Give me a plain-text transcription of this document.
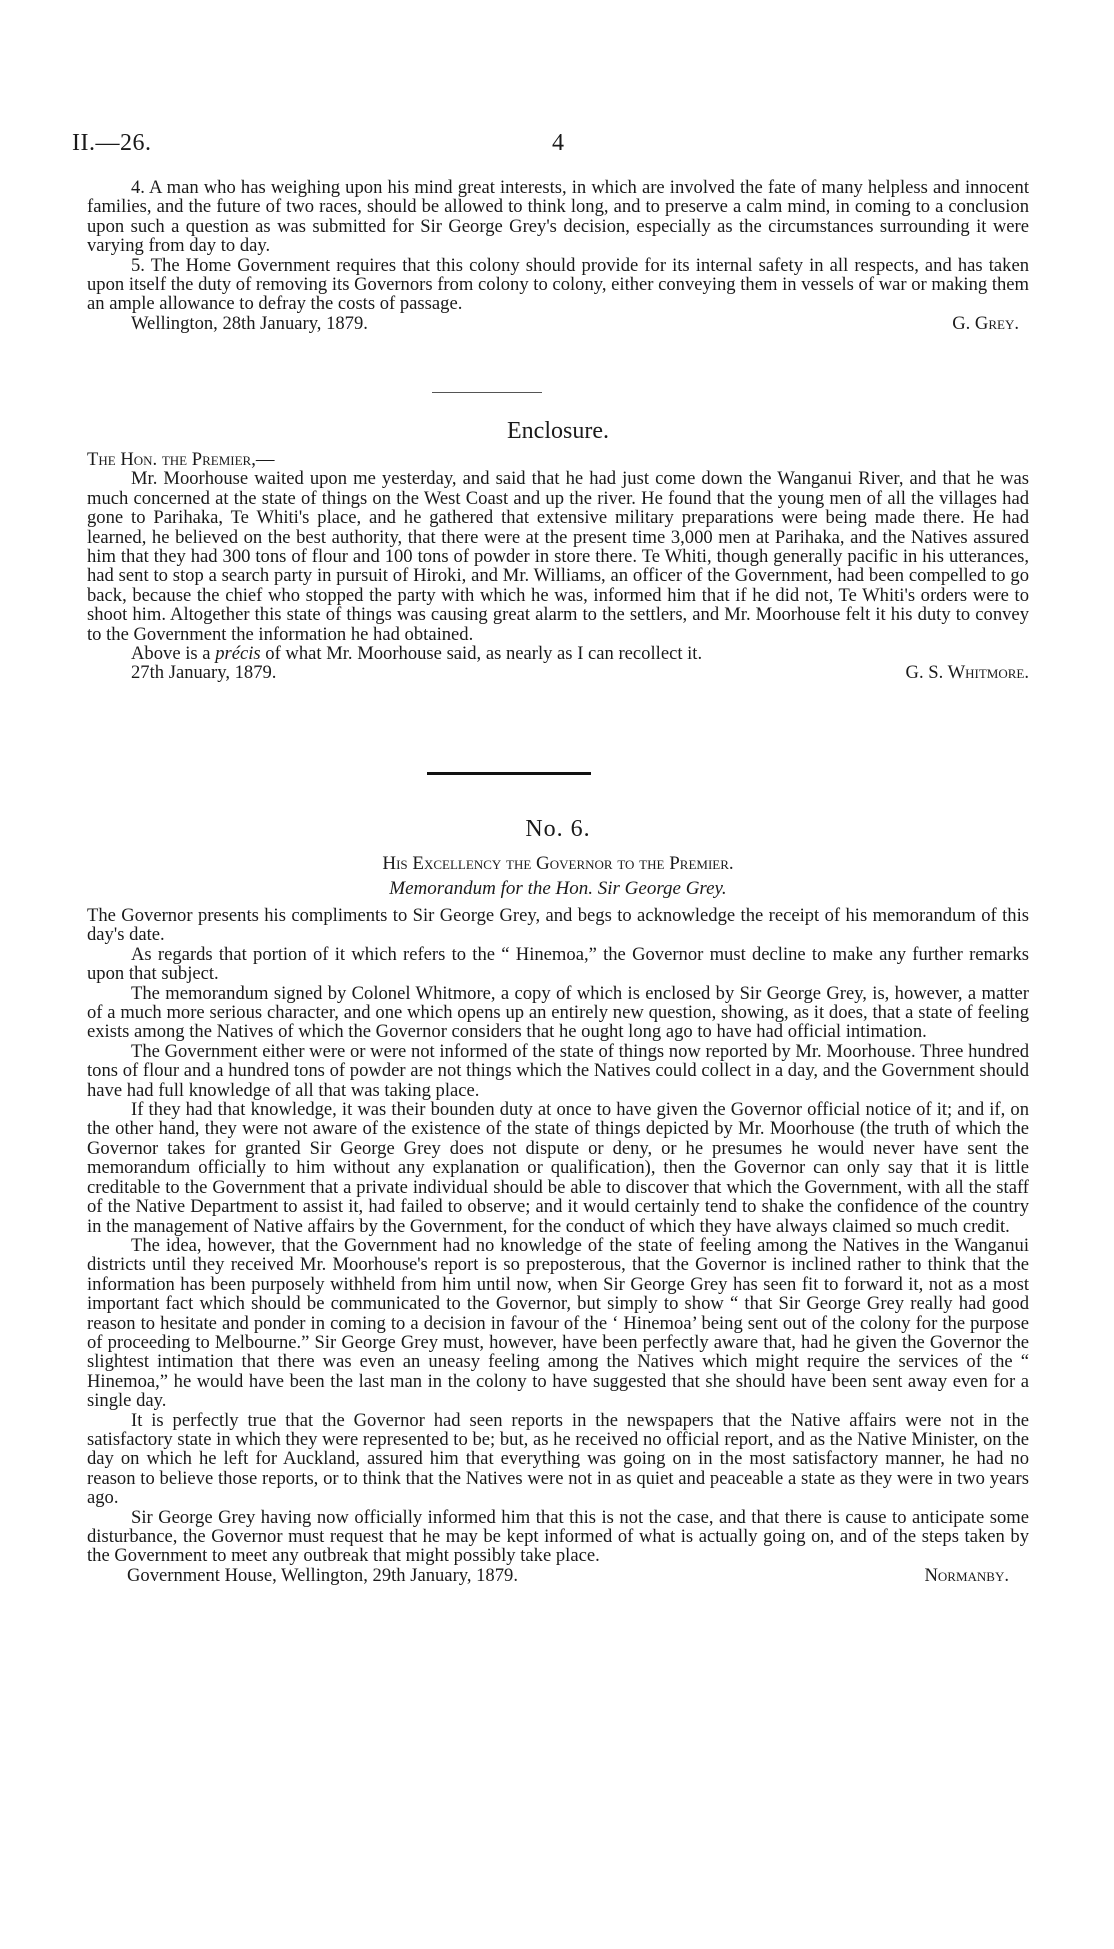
II.—26.	4

4. A man who has weighing upon his mind great interests, in which are involved the fate of many helpless and innocent families, and the future of two races, should be allowed to think long, and to preserve a calm mind, in coming to a conclusion upon such a question as was submitted for Sir George Grey's decision, especially as the circumstances surrounding it were varying from day to day.

5. The Home Government requires that this colony should provide for its internal safety in all respects, and has taken upon itself the duty of removing its Governors from colony to colony, either conveying them in vessels of war or making them an ample allowance to defray the costs of passage.

Wellington, 28th January, 1879.	G. Grey.
Enclosure.

The Hon. the Premier,—

Mr. Moorhouse waited upon me yesterday, and said that he had just come down the Wanganui River, and that he was much concerned at the state of things on the West Coast and up the river. He found that the young men of all the villages had gone to Parihaka, Te Whiti's place, and he gathered that extensive military preparations were being made there. He had learned, he believed on the best authority, that there were at the present time 3,000 men at Parihaka, and the Natives assured him that they had 300 tons of flour and 100 tons of powder in store there. Te Whiti, though generally pacific in his utterances, had sent to stop a search party in pursuit of Hiroki, and Mr. Williams, an officer of the Government, had been compelled to go back, because the chief who stopped the party with which he was, informed him that if he did not, Te Whiti's orders were to shoot him. Altogether this state of things was causing great alarm to the settlers, and Mr. Moorhouse felt it his duty to convey to the Government the information he had obtained.

Above is a précis of what Mr. Moorhouse said, as nearly as I can recollect it.

27th January, 1879.	G. S. Whitmore.
No. 6.
His Excellency the Governor to the Premier.
Memorandum for the Hon. Sir George Grey.

The Governor presents his compliments to Sir George Grey, and begs to acknowledge the receipt of his memorandum of this day's date.

As regards that portion of it which refers to the “ Hinemoa,” the Governor must decline to make any further remarks upon that subject.

The memorandum signed by Colonel Whitmore, a copy of which is enclosed by Sir George Grey, is, however, a matter of a much more serious character, and one which opens up an entirely new question, showing, as it does, that a state of feeling exists among the Natives of which the Governor considers that he ought long ago to have had official intimation.

The Government either were or were not informed of the state of things now reported by Mr. Moorhouse. Three hundred tons of flour and a hundred tons of powder are not things which the Natives could collect in a day, and the Government should have had full knowledge of all that was taking place.

If they had that knowledge, it was their bounden duty at once to have given the Governor official notice of it; and if, on the other hand, they were not aware of the existence of the state of things depicted by Mr. Moorhouse (the truth of which the Governor takes for granted Sir George Grey does not dispute or deny, or he presumes he would never have sent the memorandum officially to him without any explanation or qualification), then the Governor can only say that it is little creditable to the Government that a private individual should be able to discover that which the Government, with all the staff of the Native Department to assist it, had failed to observe; and it would certainly tend to shake the confidence of the country in the management of Native affairs by the Government, for the conduct of which they have always claimed so much credit.

The idea, however, that the Government had no knowledge of the state of feeling among the Natives in the Wanganui districts until they received Mr. Moorhouse's report is so preposterous, that the Governor is inclined rather to think that the information has been purposely withheld from him until now, when Sir George Grey has seen fit to forward it, not as a most important fact which should be communicated to the Governor, but simply to show “ that Sir George Grey really had good reason to hesitate and ponder in coming to a decision in favour of the ‘ Hinemoa’ being sent out of the colony for the purpose of proceeding to Melbourne.” Sir George Grey must, however, have been perfectly aware that, had he given the Governor the slightest intimation that there was even an uneasy feeling among the Natives which might require the services of the “ Hinemoa,” he would have been the last man in the colony to have suggested that she should have been sent away even for a single day.

It is perfectly true that the Governor had seen reports in the newspapers that the Native affairs were not in the satisfactory state in which they were represented to be; but, as he received no official report, and as the Native Minister, on the day on which he left for Auckland, assured him that everything was going on in the most satisfactory manner, he had no reason to believe those reports, or to think that the Natives were not in as quiet and peaceable a state as they were in two years ago.

Sir George Grey having now officially informed him that this is not the case, and that there is cause to anticipate some disturbance, the Governor must request that he may be kept informed of what is actually going on, and of the steps taken by the Government to meet any outbreak that might possibly take place.

Government House, Wellington, 29th January, 1879.	Normanby.
